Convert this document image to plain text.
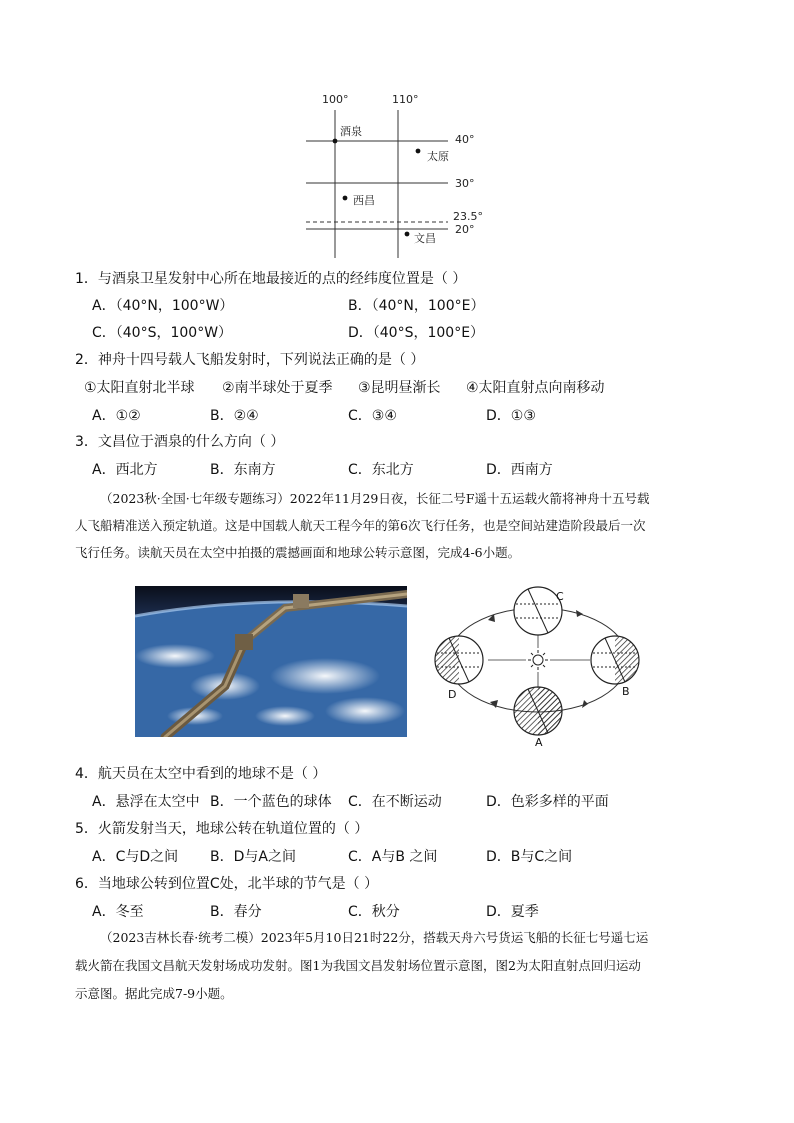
100°	110°
40°
30°
23.5°
20°
酒泉
太原
西昌
文昌
1．与酒泉卫星发射中心所在地最接近的点的经纬度位置是（ ）
A．（40°N，100°W）	B．（40°N，100°E）
C．（40°S，100°W）	D．（40°S，100°E）
2．神舟十四号载人飞船发射时，下列说法正确的是（ ）
①太阳直射北半球 ②南半球处于夏季 ③昆明昼渐长 ④太阳直射点向南移动
A．①②	B．②④	C．③④	D．①③
3．文昌位于酒泉的什么方向（ ）
A．西北方	B．东南方	C．东北方	D．西南方
（2023秋·全国·七年级专题练习）2022年11月29日夜，长征二号F遥十五运载火箭将神舟十五号载
人飞船精准送入预定轨道。这是中国载人航天工程今年的第6次飞行任务，也是空间站建造阶段最后一次
飞行任务。读航天员在太空中拍摄的震撼画面和地球公转示意图，完成4-6小题。
C
D	B
A
4．航天员在太空中看到的地球不是（ ）
A．悬浮在太空中 B．一个蓝色的球体 C．在不断运动	D．色彩多样的平面
5．火箭发射当天，地球公转在轨道位置的（ ）
A．C与D之间 B．D与A之间	C．A与B 之间	D．B与C之间
6．当地球公转到位置C处，北半球的节气是（ ）
A．冬至	B．春分	C．秋分	D．夏季
（2023吉林长春·统考二模）2023年5月10日21时22分，搭载天舟六号货运飞船的长征七号遥七运
载火箭在我国文昌航天发射场成功发射。图1为我国文昌发射场位置示意图，图2为太阳直射点回归运动
示意图。据此完成7-9小题。
